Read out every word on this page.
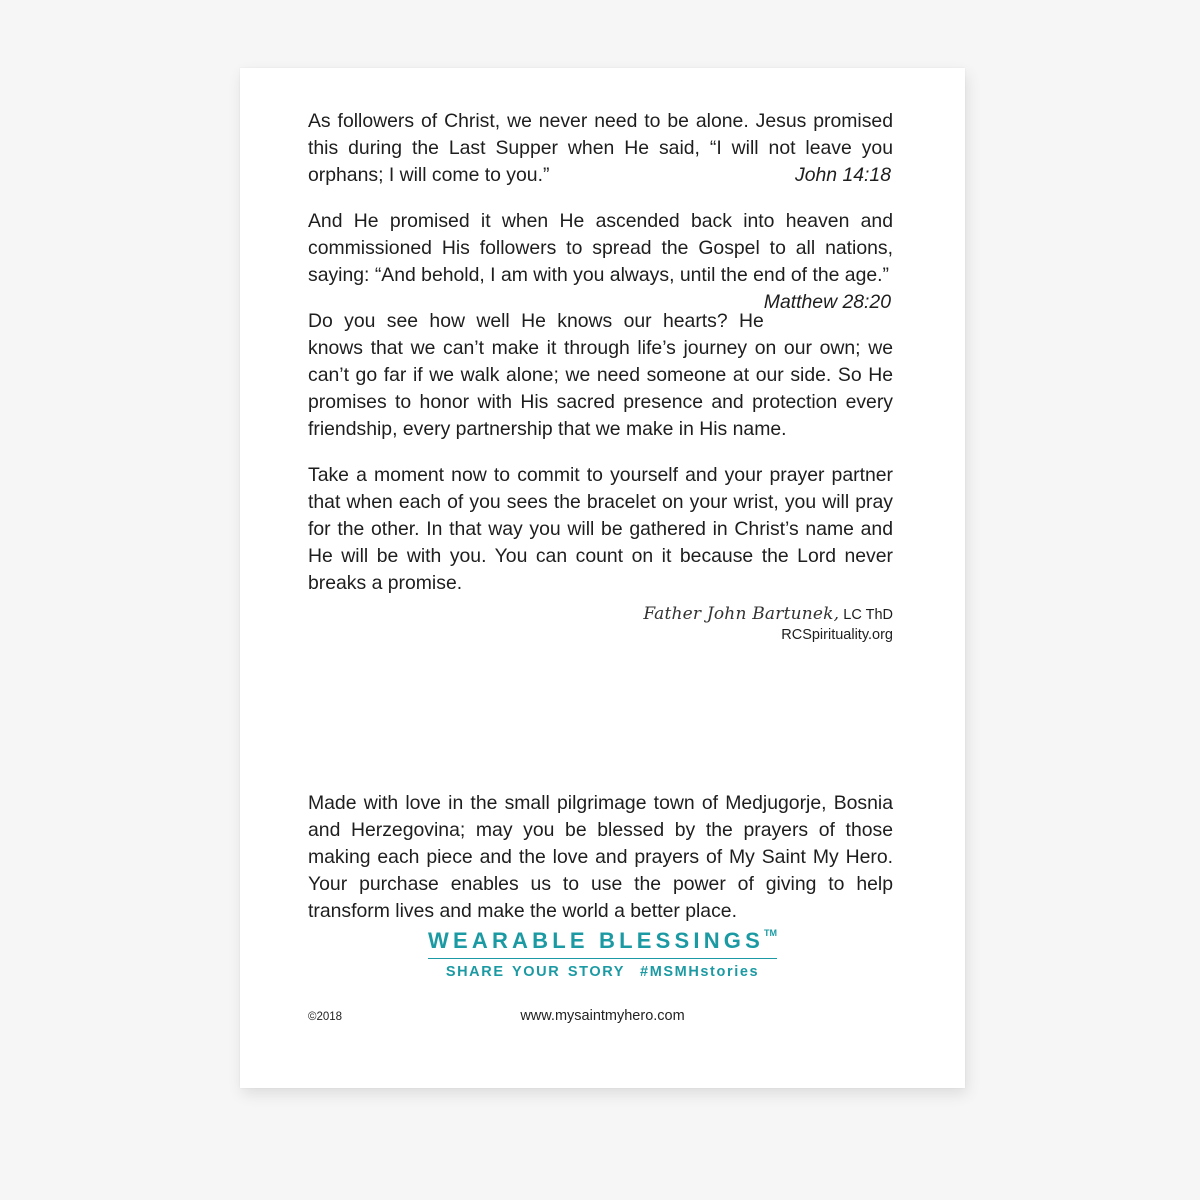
As followers of Christ, we never need to be alone. Jesus promised this during the Last Supper when He said, “I will not leave you orphans; I will come to you.”	John 14:18

And He promised it when He ascended back into heaven and commissioned His followers to spread the Gospel to all nations, saying: “And behold, I am with you always, until the end of the age.”
Matthew 28:20

Do you see how well He knows our hearts? He knows that we can’t make it through life’s journey on our own; we can’t go far if we walk alone; we need someone at our side. So He promises to honor with His sacred presence and protection every friendship, every partnership that we make in His name.

Take a moment now to commit to yourself and your prayer partner that when each of you sees the bracelet on your wrist, you will pray for the other. In that way you will be gathered in Christ’s name and He will be with you. You can count on it because the Lord never breaks a promise.

Father John Bartunek, LC ThD
RCSpirituality.org

Made with love in the small pilgrimage town of Medjugorje, Bosnia and Herzegovina; may you be blessed by the prayers of those making each piece and the love and prayers of My Saint My Hero. Your purchase enables us to use the power of giving to help transform lives and make the world a better place.

WEARABLE BLESSINGS™
SHARE YOUR STORY  #MSMHstories
©2018	www.mysaintmyhero.com
